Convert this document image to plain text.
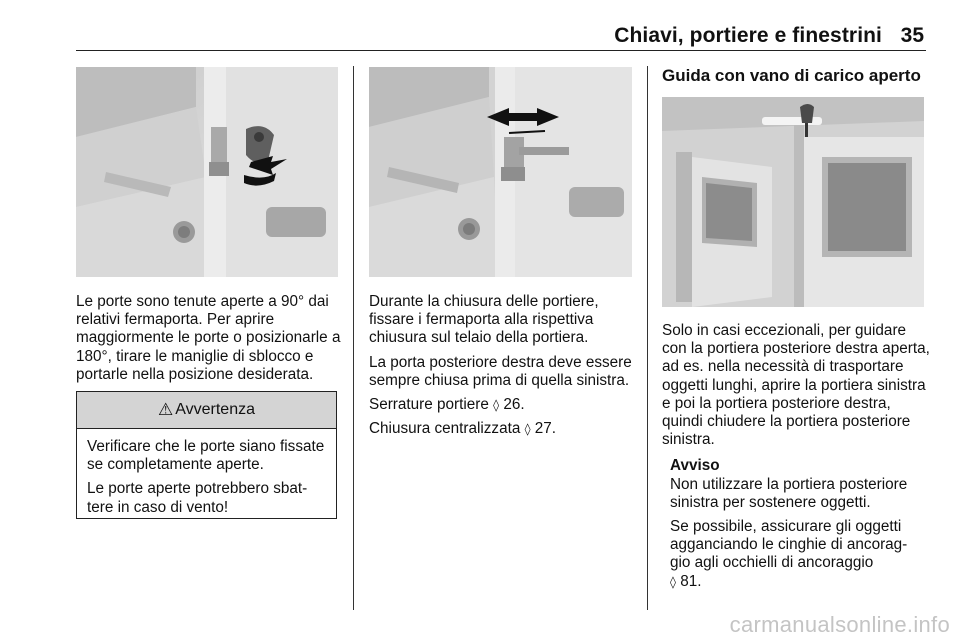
Chiavi, portiere e finestrini 35
Le porte sono tenute aperte a 90° dai relativi fermaporta. Per aprire maggiormente le porte o posizionarle a 180°, tirare le maniglie di sblocco e portarle nella posizione desiderata.
⚠ Avvertenza

Verificare che le porte siano fissate se completamente aperte.

Le porte aperte potrebbero sbat- tere in caso di vento!

Durante la chiusura delle portiere, fissare i fermaporta alla rispettiva chiusura sul telaio della portiera.

La porta posteriore destra deve essere sempre chiusa prima di quella sinistra.

Serrature portiere ◊ 26.

Chiusura centralizzata ◊ 27.

Guida con vano di carico aperto

Solo in casi eccezionali, per guidare con la portiera posteriore destra aperta, ad es. nella necessità di trasportare oggetti lunghi, aprire la portiera sinistra e poi la portiera posteriore destra, quindi chiudere la portiera posteriore sinistra.

Avviso

Non utilizzare la portiera posteriore sinistra per sostenere oggetti.

Se possibile, assicurare gli oggetti agganciando le cinghie di ancorag- gio agli occhielli di ancoraggio
◊ 81.

carmanualsonline.info
